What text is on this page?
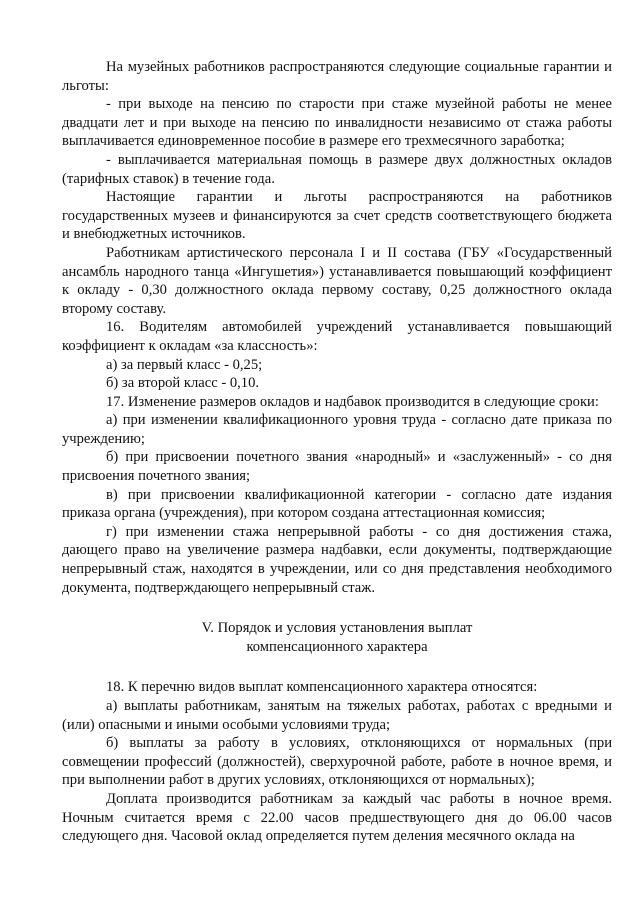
На музейных работников распространяются следующие социальные гарантии и льготы:

- при выходе на пенсию по старости при стаже музейной работы не менее двадцати лет и при выходе на пенсию по инвалидности независимо от стажа работы выплачивается единовременное пособие в размере его трехмесячного заработка;

- выплачивается материальная помощь в размере двух должностных окладов (тарифных ставок) в течение года.

Настоящие гарантии и льготы распространяются на работников государственных музеев и финансируются за счет средств соответствующего бюджета и внебюджетных источников.

Работникам артистического персонала I и II состава (ГБУ «Государственный ансамбль народного танца «Ингушетия») устанавливается повышающий коэффициент к окладу - 0,30 должностного оклада первому составу, 0,25 должностного оклада второму составу.

16. Водителям автомобилей учреждений устанавливается повышающий коэффициент к окладам «за классность»:

а) за первый класс - 0,25;

б) за второй класс - 0,10.

17. Изменение размеров окладов и надбавок производится в следующие сроки:

а) при изменении квалификационного уровня труда - согласно дате приказа по учреждению;

б) при присвоении почетного звания «народный» и «заслуженный» - со дня присвоения почетного звания;

в) при присвоении квалификационной категории - согласно дате издания приказа органа (учреждения), при котором создана аттестационная комиссия;

г) при изменении стажа непрерывной работы - со дня достижения стажа, дающего право на увеличение размера надбавки, если документы, подтверждающие непрерывный стаж, находятся в учреждении, или со дня представления необходимого документа, подтверждающего непрерывный стаж.

V. Порядок и условия установления выплат

компенсационного характера

18. К перечню видов выплат компенсационного характера относятся:

а) выплаты работникам, занятым на тяжелых работах, работах с вредными и (или) опасными и иными особыми условиями труда;

б) выплаты за работу в условиях, отклоняющихся от нормальных (при совмещении профессий (должностей), сверхурочной работе, работе в ночное время, и при выполнении работ в других условиях, отклоняющихся от нормальных);

Доплата производится работникам за каждый час работы в ночное время. Ночным считается время с 22.00 часов предшествующего дня до 06.00 часов следующего дня. Часовой оклад определяется путем деления месячного оклада на
